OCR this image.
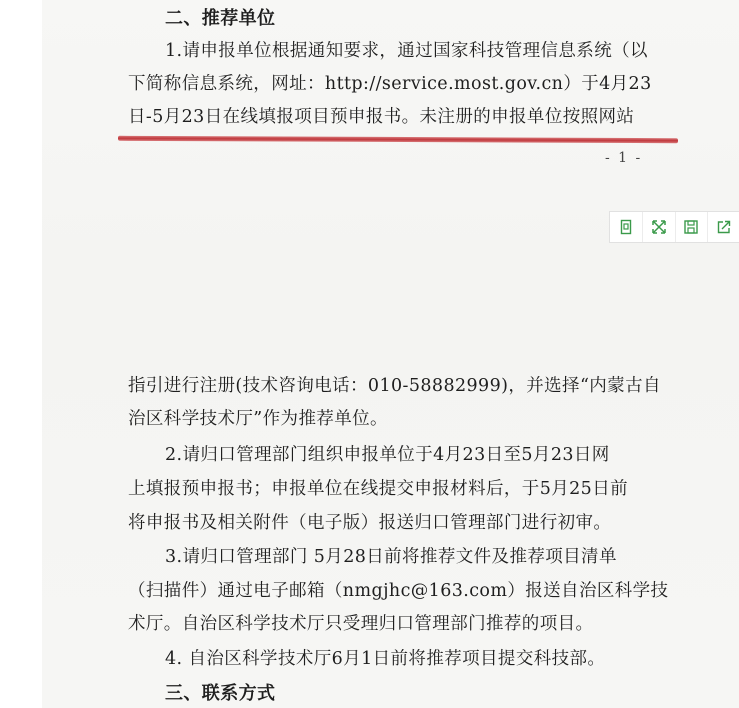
二、推荐单位
1.请申报单位根据通知要求，通过国家科技管理信息系统（以
下简称信息系统，网址：http://service.most.gov.cn）于4月23
日-5月23日在线填报项目预申报书。未注册的申报单位按照网站
- 1 -
指引进行注册(技术咨询电话：010-58882999)，并选择“内蒙古自
治区科学技术厅”作为推荐单位。
2.请归口管理部门组织申报单位于4月23日至5月23日网
上填报预申报书；申报单位在线提交申报材料后，于5月25日前
将申报书及相关附件（电子版）报送归口管理部门进行初审。
3.请归口管理部门 5月28日前将推荐文件及推荐项目清单
（扫描件）通过电子邮箱（nmgjhc@163.com）报送自治区科学技
术厅。自治区科学技术厅只受理归口管理部门推荐的项目。
4. 自治区科学技术厅6月1日前将推荐项目提交科技部。
三、联系方式
